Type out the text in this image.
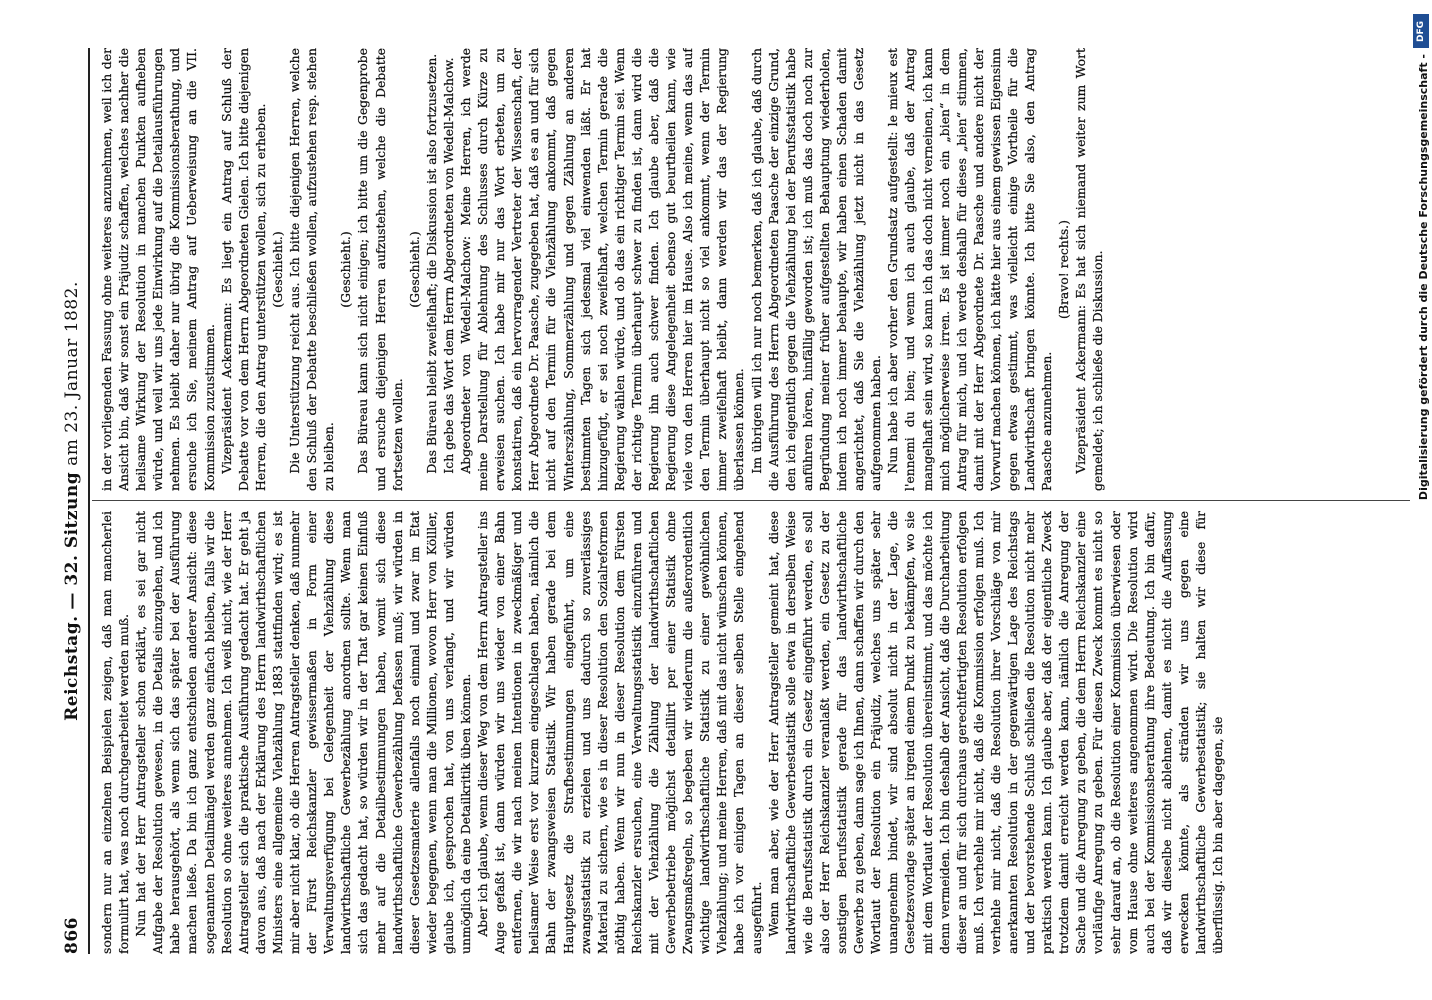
866
Reichstag. — 32. Sitzung am 23. Januar 1882.

sondern nur an einzelnen Beispielen zeigen, daß man mancherlei formulirt hat, was noch durchgearbeitet werden muß. Nun hat der Herr Antragsteller schon erklärt, es sei gar nicht Aufgabe der Resolution gewesen, in die Details einzugehen, und ich habe herausgehört, als wenn sich das später bei der Ausführung machen ließe. Da bin ich ganz entschieden anderer Ansicht: diese sogenannten Detailmängel werden ganz einfach bleiben, falls wir die Resolution so ohne weiteres annehmen. Ich weiß nicht, wie der Herr Antragsteller sich die praktische Ausführung gedacht hat. Er geht ja davon aus, daß nach der Erklärung des Herrn landwirthschaftlichen Ministers eine allgemeine Viehzählung 1883 stattfinden wird; es ist mir aber nicht klar, ob die Herren Antragsteller denken, daß nunmehr der Fürst Reichskanzler gewissermaßen in Form einer Verwaltungsverfügung bei Gelegenheit der Viehzählung diese landwirthschaftliche Gewerbezählung anordnen sollte. Wenn man sich das gedacht hat, so würden wir in der That gar keinen Einfluß mehr auf die Detailbestimmungen haben, womit sich diese landwirthschaftliche Gewerbezählung befassen muß; wir würden in dieser Gesetzesmaterie allenfalls noch einmal und zwar im Etat wieder begegnen, wenn man die Millionen, wovon Herr von Kölller, glaube ich, gesprochen hat, von uns verlangt, und wir würden unmöglich da eine Detailkritik üben können. Aber ich glaube, wenn dieser Weg von dem Herrn Antragsteller ins Auge gefaßt ist, dann würden wir uns wieder von einer Bahn entfernen, die wir nach meinen Intentionen in zweckmäßiger und heilsamer Weise erst vor kurzem eingeschlagen haben, nämlich die Bahn der zwangsweisen Statistik. Wir haben gerade bei dem Hauptgesetz die Strafbestimmungen eingeführt, um eine zwangsstatistik zu erzielen und uns dadurch so zuverlässiges Material zu sichern, wie es in dieser Resolution den Sozialreformen nöthig haben. Wenn wir nun in dieser Resolution dem Fürsten Reichskanzler ersuchen, eine Verwaltungsstatistik einzuführen und mit der Viehzählung die Zählung der landwirthschaftlichen Gewerbebetriebe möglichst detaillirt per einer Statistik ohne Zwangsmaßregeln, so begeben wir wiederum die außerordentlich wichtige landwirthschaftliche Statistik zu einer gewöhnlichen Viehzählung; und meine Herren, daß mit das nicht wünschen können, habe ich vor einigen Tagen an dieser selben Stelle eingehend ausgeführt. Wenn man aber, wie der Herr Antragsteller gemeint hat, diese landwirthschaftliche Gewerbestatistik solle etwa in derselben Weise wie die Berufsstatistik durch ein Gesetz eingeführt werden, es soll also der Herr Reichskanzler veranlaßt werden, ein Gesetz zu der sonstigen Berufsstatistik gerade für das landwirthschaftliche Gewerbe zu geben, dann sage ich Ihnen, dann schaffen wir durch den Wortlaut der Resolution ein Präjudiz, welches uns später sehr unangenehm bindet, wir sind absolut nicht in der Lage, die Gesetzesvorlage später an irgend einem Punkt zu bekämpfen, wo sie mit dem Wortlaut der Resolution übereinstimmt, und das möchte ich denn vermeiden. Ich bin deshalb der Ansicht, daß die Durcharbeitung dieser an und für sich durchaus gerechtfertigten Resolution erfolgen muß. Ich verhehle mir nicht, daß die Kommission erfolgen muß. Ich verhehle mir nicht, daß die Resolution ihrer Vorschläge von mir anerkannten Resolution in der gegenwärtigen Lage des Reichstags und der bevorstehende Schluß schließen die Resolution nicht mehr praktisch werden kann. Ich glaube aber, daß der eigentliche Zweck trotzdem damit erreicht werden kann, nämlich die Anregung der Sache und die Anregung zu geben, die dem Herrn Reichskanzler eine vorläufige Anregung zu geben. Für diesen Zweck kommt es nicht so sehr darauf an, ob die Resolution einer Kommission überwiesen oder vom Hause ohne weiteres angenommen wird. Die Resolution wird auch bei der Kommissionsberathung ihre Bedeutung. Ich bin dafür, daß wir dieselbe nicht ablehnen, damit es nicht die Auffassung erwecken könnte, als stränden wir uns gegen eine landwirthschaftliche Gewerbestatistik; sie halten wir diese für überflüssig. Ich bin aber dagegen, sie

in der vorliegenden Fassung ohne weiteres anzunehmen, weil ich der Ansicht bin, daß wir sonst ein Präjudiz schaffen, welches nachher die heilsame Wirkung der Resolution in manchen Punkten aufheben würde, und weil wir uns jede Einwirkung auf die Detailausführungen nehmen. Es bleibt daher nur übrig die Kommissionsberathung, und ersuche ich Sie, meinem Antrag auf Ueberweisung an die VII. Kommission zuzustimmen. Vizepräsident Ackermann: Es liegt ein Antrag auf Schluß der Debatte vor von dem Herrn Abgeordneten Gielen. Ich bitte diejenigen Herren, die den Antrag unterstützen wollen, sich zu erheben. (Geschieht.) Die Unterstützung reicht aus. Ich bitte diejenigen Herren, welche den Schluß der Debatte beschließen wollen, aufzustehen resp. stehen zu bleiben.

(Geschieht.) Das Büreau kann sich nicht einigen; ich bitte um die Gegenprobe und ersuche diejenigen Herren aufzustehen, welche die Debatte fortsetzen wollen.

(Geschieht.) Das Büreau bleibt zweifelhaft; die Diskussion ist also fortzusetzen. Ich gebe das Wort dem Herrn Abgeordneten von Wedell-Malchow. Abgeordneter von Wedell-Malchow: Meine Herren, ich werde meine Darstellung für Ablehnung des Schlusses durch Kürze zu erweisen suchen. Ich habe mir nur das Wort erbeten, um zu konstatiren, daß ein hervorragender Vertreter der Wissenschaft, der Herr Abgeordnete Dr. Paasche, zugegeben hat, daß es an und für sich nicht auf den Termin für die Viehzählung ankommt, daß gegen Winterszählung, Sommerzählung und gegen Zählung an anderen bestimmten Tagen sich jedesmal viel einwenden läßt. Er hat hinzugefügt, er sei noch zweifelhaft, welchen Termin gerade die Regierung wählen würde, und ob das ein richtiger Termin sei. Wenn der richtige Termin überhaupt schwer zu finden ist, dann wird die Regierung ihn auch schwer finden. Ich glaube aber, daß die Regierung diese Angelegenheit ebenso gut beurtheilen kann, wie viele von den Herren hier im Hause. Also ich meine, wenn das auf den Termin überhaupt nicht so viel ankommt, wenn der Termin immer zweifelhaft bleibt, dann werden wir das der Regierung überlassen können. Im übrigen will ich nur noch bemerken, daß ich glaube, daß durch die Ausführung des Herrn Abgeordneten Paasche der einzige Grund, den ich eigentlich gegen die Viehzählung bei der Berufsstatistik habe anführen hören, hinfällig geworden ist; ich muß das doch noch zur Begründung meiner früher aufgestellten Behauptung wiederholen, indem ich noch immer behaupte, wir haben einen Schaden damit angerichtet, daß Sie die Viehzählung jetzt nicht in das Gesetz aufgenommen haben. Nun habe ich aber vorher den Grundsatz aufgestellt: le mieux est l'ennemi du bien; und wenn ich auch glaube, daß der Antrag mangelhaft sein wird, so kann ich das doch nicht verneinen, ich kann mich möglicherweise irren. Es ist immer noch ein „bien“ in dem Antrag für mich, und ich werde deshalb für dieses „bien“ stimmen, damit mit der Herr Abgeordnete Dr. Paasche und andere nicht der Vorwurf machen können, ich hätte hier aus einem gewissen Eigensinn gegen etwas gestimmt, was vielleicht einige Vortheile für die Landwirthschaft bringen könnte. Ich bitte Sie also, den Antrag Paasche anzunehmen.

(Bravo! rechts.) Vizepräsident Ackermann: Es hat sich niemand weiter zum Wort gemeldet; ich schließe die Diskussion.

DFG
Digitalisierung gefördert durch die Deutsche Forschungsgemeinschaft -
